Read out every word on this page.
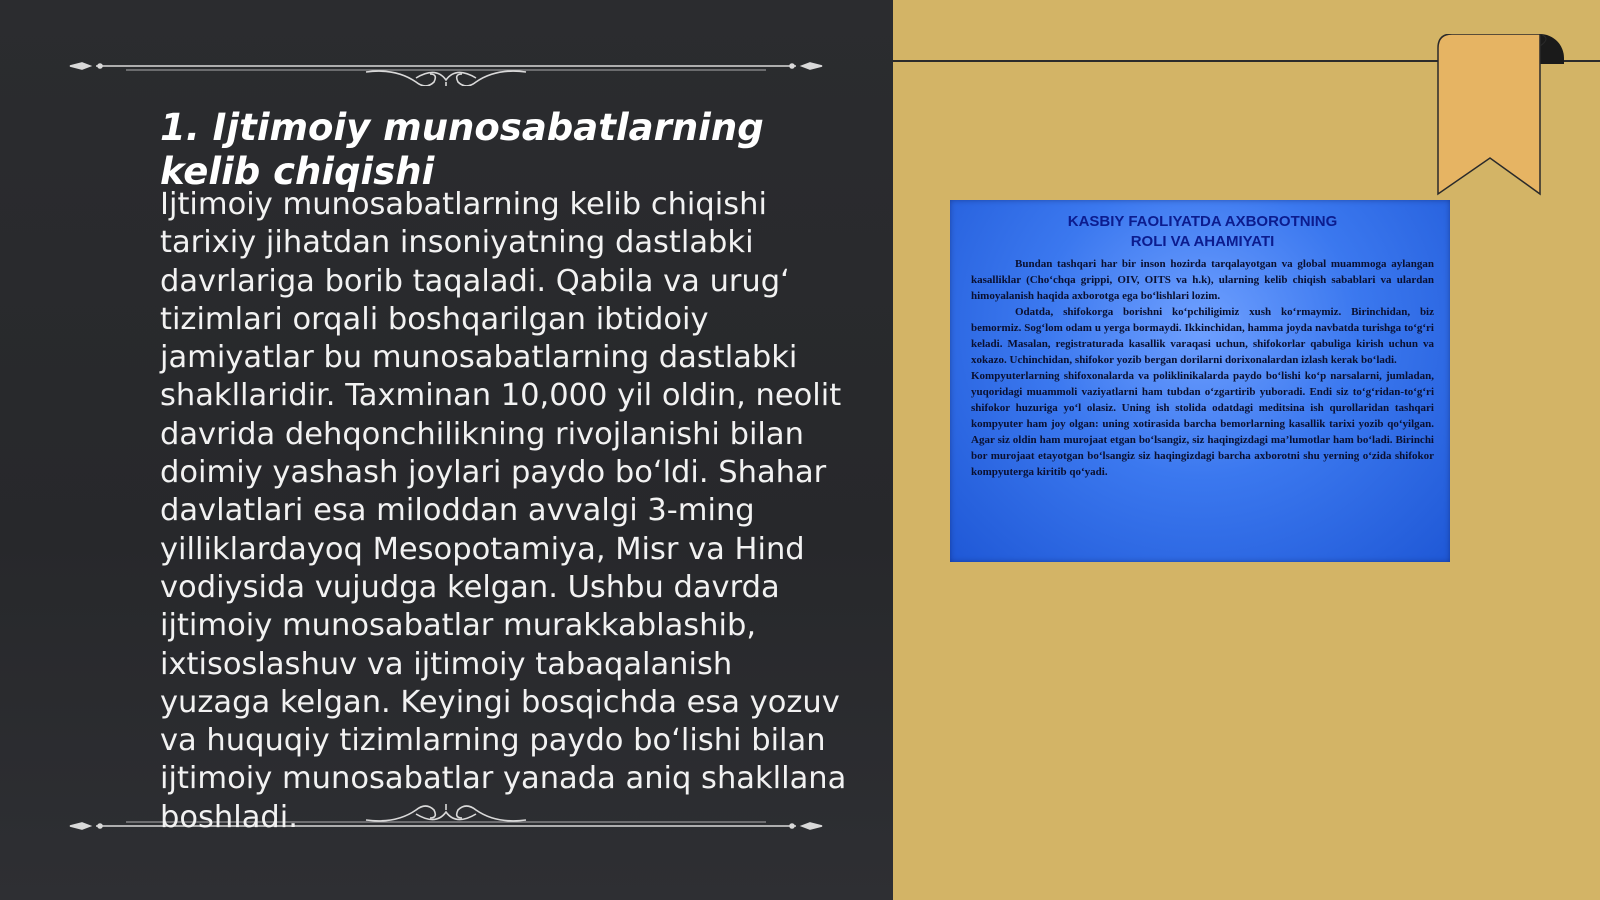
1. Ijtimoiy munosabatlarning kelib chiqishi

Ijtimoiy munosabatlarning kelib chiqishi tarixiy jihatdan insoniyatning dastlabki davrlariga borib taqaladi. Qabila va urug‘ tizimlari orqali boshqarilgan ibtidoiy jamiyatlar bu munosabatlarning dastlabki shakllaridir. Taxminan 10,000 yil oldin, neolit davrida dehqonchilikning rivojlanishi bilan doimiy yashash joylari paydo bo‘ldi. Shahar davlatlari esa miloddan avvalgi 3-ming yilliklardayoq Mesopotamiya, Misr va Hind vodiysida vujudga kelgan. Ushbu davrda ijtimoiy munosabatlar murakkablashib, ixtisoslashuv va ijtimoiy tabaqalanish yuzaga kelgan. Keyingi bosqichda esa yozuv va huquqiy tizimlarning paydo bo‘lishi bilan ijtimoiy munosabatlar yanada aniq shakllana boshladi.

KASBIY FAOLIYATDA AXBOROTNING
ROLI VA AHAMIYATI

Bundan tashqari har bir inson hozirda tarqalayotgan va global muammoga aylangan kasalliklar (Cho‘chqa grippi, OIV, OITS va h.k), ularning kelib chiqish sabablari va ulardan himoyalanish haqida axborotga ega bo‘lishlari lozim.

Odatda, shifokorga borishni ko‘pchiligimiz xush ko‘rmaymiz. Birinchidan, biz bemormiz. Sog‘lom odam u yerga bormaydi. Ikkinchidan, hamma joyda navbatda turishga to‘g‘ri keladi. Masalan, registraturada kasallik varaqasi uchun, shifokorlar qabuliga kirish uchun va xokazo. Uchinchidan, shifokor yozib bergan dorilarni dorixonalardan izlash kerak bo‘ladi.

Kompyuterlarning shifoxonalarda va poliklinikalarda paydo bo‘lishi ko‘p narsalarni, jumladan, yuqoridagi muammoli vaziyatlarni ham tubdan o‘zgartirib yuboradi. Endi siz to‘g‘ridan-to‘g‘ri shifokor huzuriga yo‘l olasiz. Uning ish stolida odatdagi meditsina ish qurollaridan tashqari kompyuter ham joy olgan: uning xotirasida barcha bemorlarning kasallik tarixi yozib qo‘yilgan. Agar siz oldin ham murojaat etgan bo‘lsangiz, siz haqingizdagi ma’lumotlar ham bo‘ladi. Birinchi bor murojaat etayotgan bo‘lsangiz siz haqingizdagi barcha axborotni shu yerning o‘zida shifokor kompyuterga kiritib qo‘yadi.
